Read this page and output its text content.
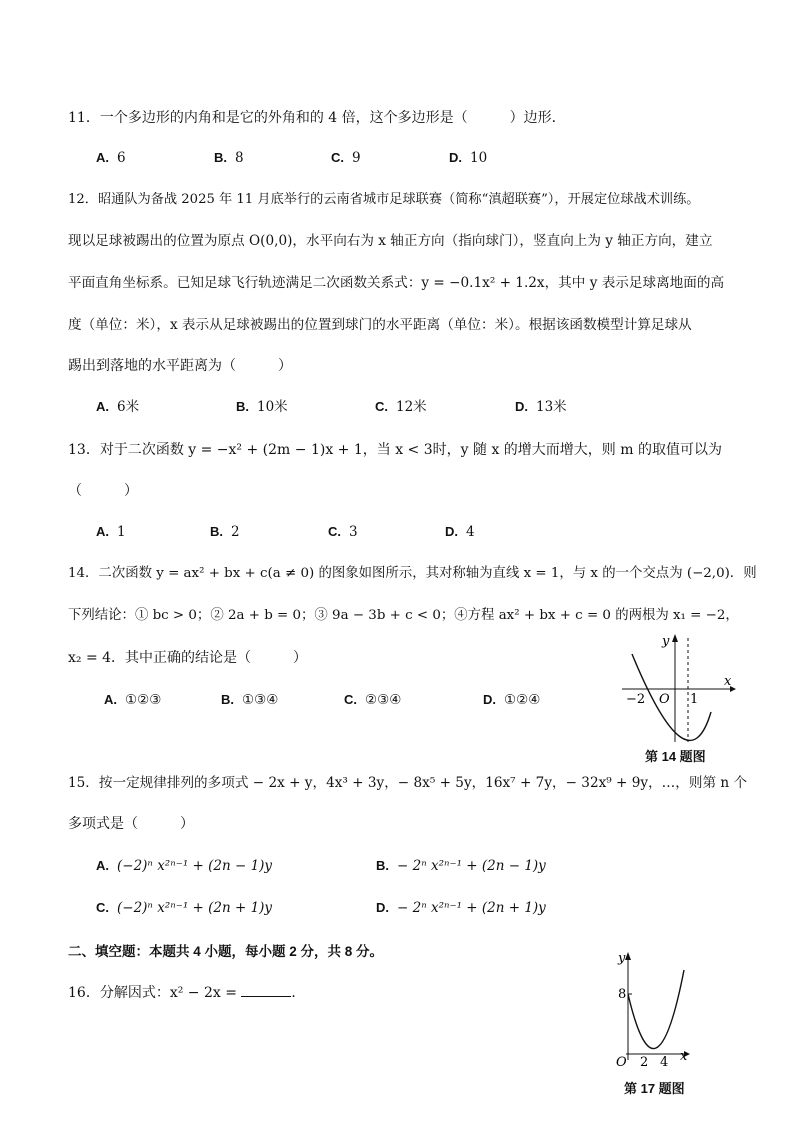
11．一个多边形的内角和是它的外角和的 4 倍，这个多边形是（　　　）边形．
A. 6	B. 8	C. 9	D. 10
12．昭通队为备战 2025 年 11 月底举行的云南省城市足球联赛（简称“滇超联赛”），开展定位球战术训练。
现以足球被踢出的位置为原点 O(0,0)，水平向右为 x 轴正方向（指向球门），竖直向上为 y 轴正方向，建立
平面直角坐标系。已知足球飞行轨迹满足二次函数关系式：y = −0.1x² + 1.2x，其中 y 表示足球离地面的高
度（单位：米），x 表示从足球被踢出的位置到球门的水平距离（单位：米）。根据该函数模型计算足球从
踢出到落地的水平距离为（　　　）
A. 6米	B. 10米	C. 12米	D. 13米
13．对于二次函数 y = −x² + (2m − 1)x + 1，当 x < 3时，y 随 x 的增大而增大，则 m 的取值可以为
（　　　）
A. 1	B. 2	C. 3	D. 4
14．二次函数 y = ax² + bx + c(a ≠ 0) 的图象如图所示，其对称轴为直线 x = 1，与 x 的一个交点为 (−2,0)．则
下列结论：① bc > 0；② 2a + b = 0；③ 9a − 3b + c < 0；④方程 ax² + bx + c = 0 的两根为 x₁ = −2，
x₂ = 4．其中正确的结论是（　　　）
A. ①②③	B. ①③④	C. ②③④	D. ①②④
y
x
O
−2	1
第 14 题图
15．按一定规律排列的多项式 − 2x + y，4x³ + 3y，− 8x⁵ + 5y，16x⁷ + 7y，− 32x⁹ + 9y，…，则第 n 个
多项式是（　　　）
A. (−2)ⁿ x²ⁿ⁻¹ + (2n − 1)y	B. − 2ⁿ x²ⁿ⁻¹ + (2n − 1)y
C. (−2)ⁿ x²ⁿ⁻¹ + (2n + 1)y	D. − 2ⁿ x²ⁿ⁻¹ + (2n + 1)y
二、填空题：本题共 4 小题，每小题 2 分，共 8 分。
16．分解因式：x² − 2x =	．
y
x
O
8
2 4
第 17 题图
